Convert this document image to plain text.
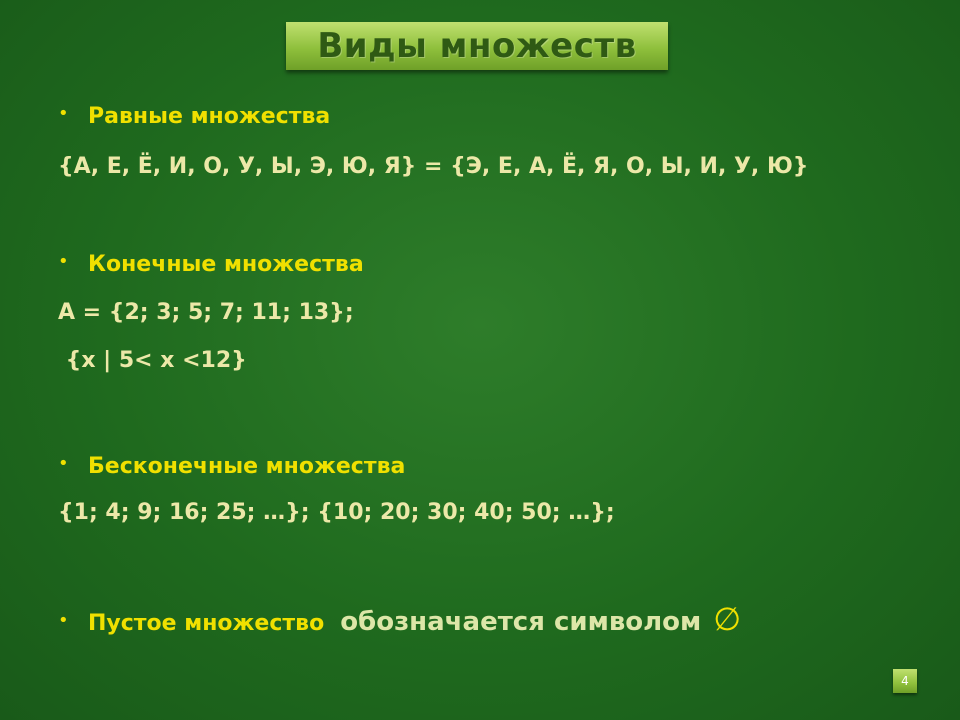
Виды множеств
• Равные множества
{А, Е, Ё, И, О, У, Ы, Э, Ю, Я} = {Э, Е, А, Ё, Я, О, Ы, И, У, Ю}
• Конечные множества
А = {2; 3; 5; 7; 11; 13};
{x | 5< x <12}
• Бесконечные множества
{1; 4; 9; 16; 25; …}; {10; 20; 30; 40; 50; …};
• Пустое множество обозначается символом ∅
4
